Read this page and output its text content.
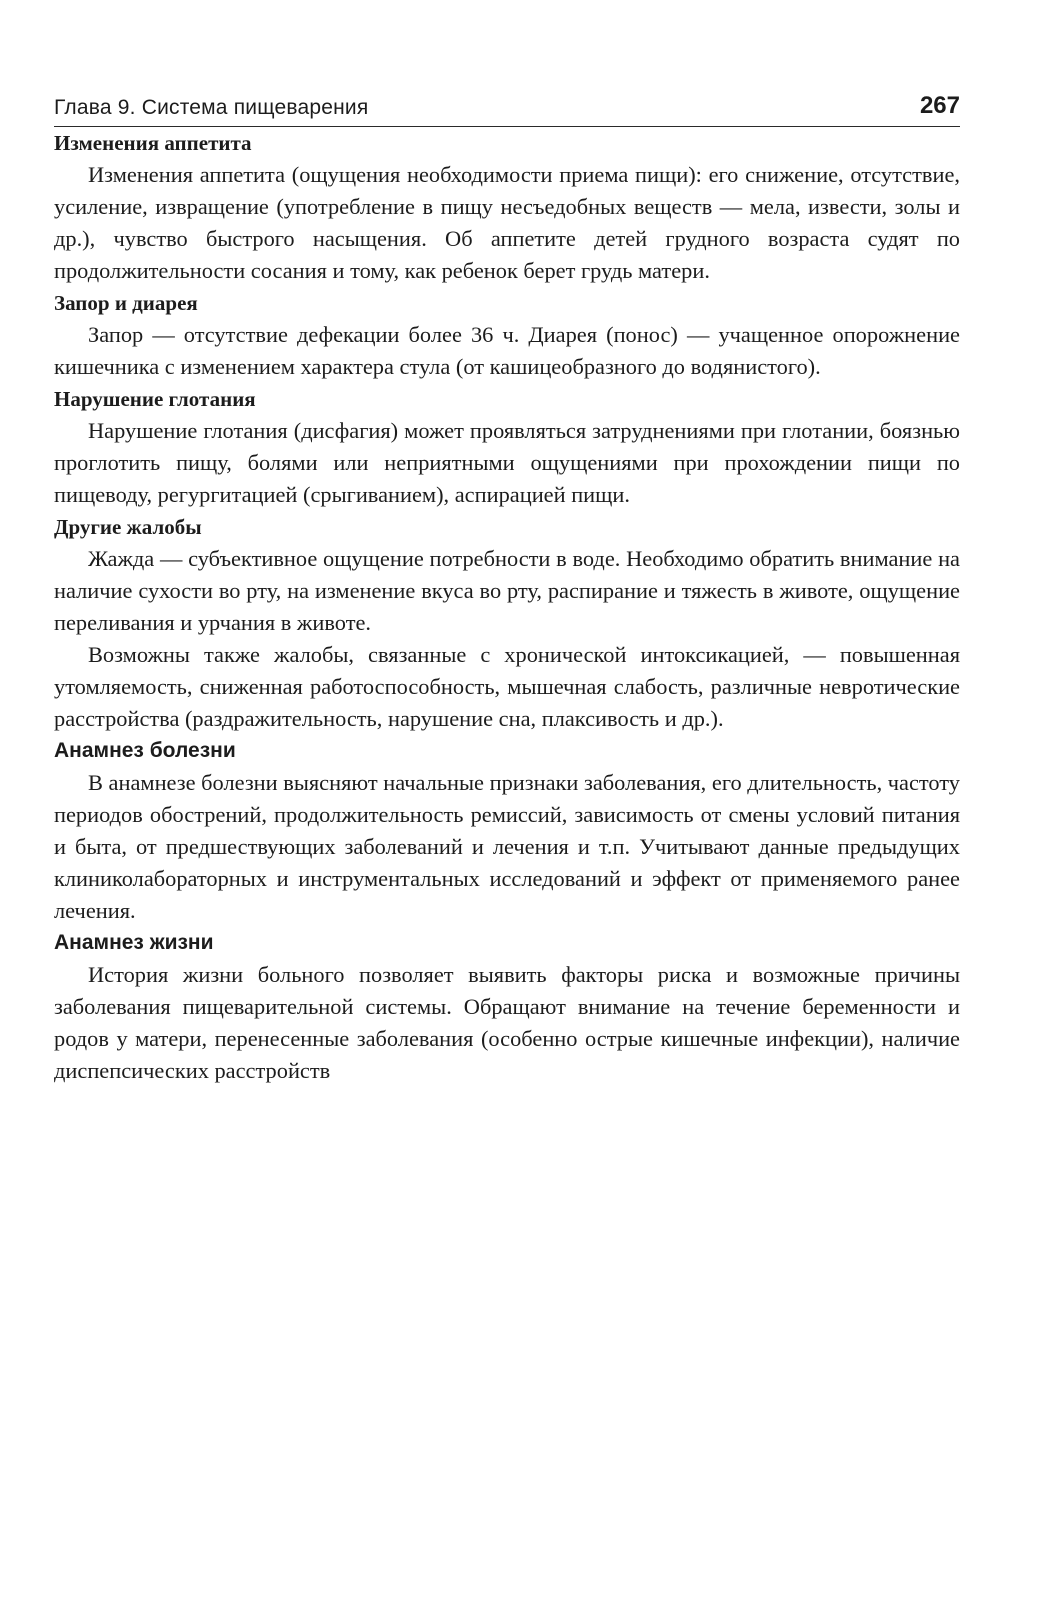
Глава 9. Система пищеварения	267
Изменения аппетита

Изменения аппетита (ощущения необходимости приема пищи): его снижение, отсутствие, усиление, извращение (употребление в пищу несъедобных веществ — мела, извести, золы и др.), чувство быстрого насыщения. Об аппетите детей грудного возраста судят по продолжительности сосания и тому, как ребенок берет грудь матери.

Запор и диарея

Запор — отсутствие дефекации более 36 ч. Диарея (понос) — учащенное опорожнение кишечника с изменением характера стула (от кашицеобразного до водянистого).

Нарушение глотания

Нарушение глотания (дисфагия) может проявляться затруднениями при глотании, боязнью проглотить пищу, болями или неприятными ощущениями при прохождении пищи по пищеводу, регургитацией (срыгиванием), аспирацией пищи.

Другие жалобы

Жажда — субъективное ощущение потребности в воде. Необходимо обратить внимание на наличие сухости во рту, на изменение вкуса во рту, распирание и тяжесть в животе, ощущение переливания и урчания в животе.

Возможны также жалобы, связанные с хронической интоксикацией, — повышенная утомляемость, сниженная работоспособность, мышечная слабость, различные невротические расстройства (раздражительность, нарушение сна, плаксивость и др.).

Анамнез болезни

В анамнезе болезни выясняют начальные признаки заболевания, его длительность, частоту периодов обострений, продолжительность ремиссий, зависимость от смены условий питания и быта, от предшествующих заболеваний и лечения и т.п. Учитывают данные предыдущих клиниколабораторных и инструментальных исследований и эффект от применяемого ранее лечения.

Анамнез жизни

История жизни больного позволяет выявить факторы риска и возможные причины заболевания пищеварительной системы. Обращают внимание на течение беременности и родов у матери, перенесенные заболевания (особенно острые кишечные инфекции), наличие диспепсических расстройств
